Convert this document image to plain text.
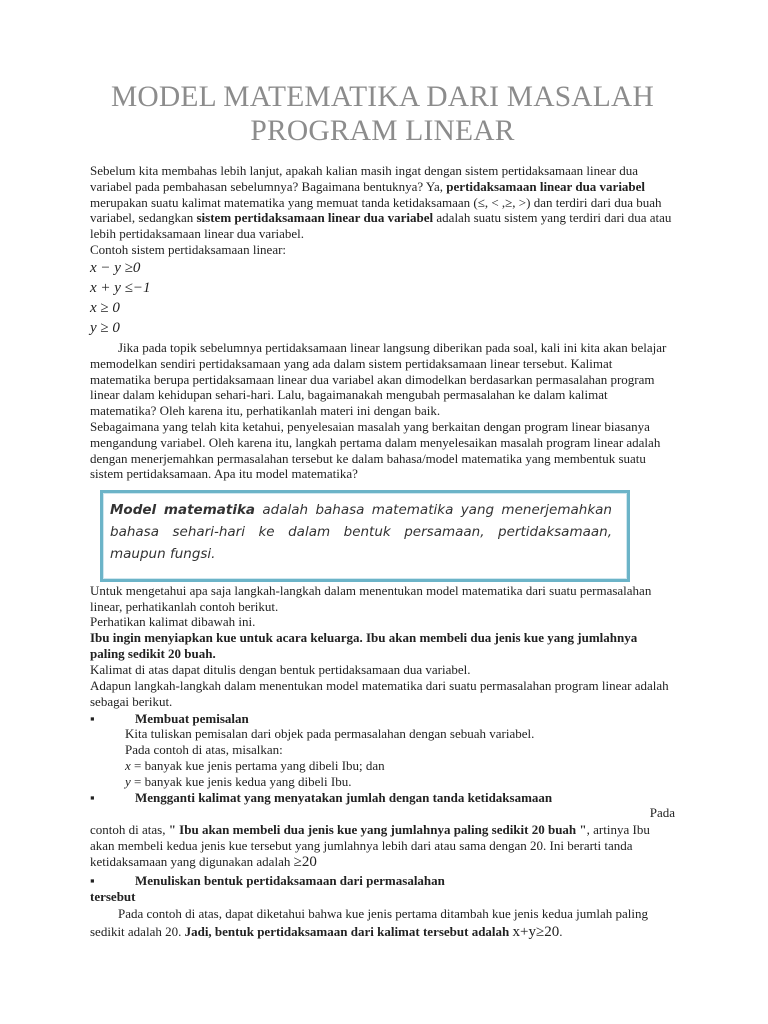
MODEL MATEMATIKA DARI MASALAH PROGRAM LINEAR

Sebelum kita membahas lebih lanjut, apakah kalian masih ingat dengan sistem pertidaksamaan linear dua variabel pada pembahasan sebelumnya? Bagaimana bentuknya? Ya, pertidaksamaan linear dua variabel merupakan suatu kalimat matematika yang memuat tanda ketidaksamaan (≤, < ,≥, >) dan terdiri dari dua buah variabel, sedangkan sistem pertidaksamaan linear dua variabel adalah suatu sistem yang terdiri dari dua atau lebih pertidaksamaan linear dua variabel.

Contoh sistem pertidaksamaan linear:

x − y ≥0
x + y ≤−1
x ≥ 0
y ≥ 0

Jika pada topik sebelumnya pertidaksamaan linear langsung diberikan pada soal, kali ini kita akan belajar memodelkan sendiri pertidaksamaan yang ada dalam sistem pertidaksamaan linear tersebut. Kalimat matematika berupa pertidaksamaan linear dua variabel akan dimodelkan berdasarkan permasalahan program linear dalam kehidupan sehari-hari. Lalu, bagaimanakah mengubah permasalahan ke dalam kalimat matematika? Oleh karena itu, perhatikanlah materi ini dengan baik.

Sebagaimana yang telah kita ketahui, penyelesaian masalah yang berkaitan dengan program linear biasanya mengandung variabel. Oleh karena itu, langkah pertama dalam menyelesaikan masalah program linear adalah dengan menerjemahkan permasalahan tersebut ke dalam bahasa/model matematika yang membentuk suatu sistem pertidaksamaan. Apa itu model matematika?

Model matematika adalah bahasa matematika yang menerjemahkan bahasa sehari-hari ke dalam bentuk persamaan, pertidaksamaan, maupun fungsi.

Untuk mengetahui apa saja langkah-langkah dalam menentukan model matematika dari suatu permasalahan linear, perhatikanlah contoh berikut.

Perhatikan kalimat dibawah ini.

Ibu ingin menyiapkan kue untuk acara keluarga. Ibu akan membeli dua jenis kue yang jumlahnya paling sedikit 20 buah.

Kalimat di atas dapat ditulis dengan bentuk pertidaksamaan dua variabel.

Adapun langkah-langkah dalam menentukan model matematika dari suatu permasalahan program linear adalah sebagai berikut.

▪	Membuat pemisalan

Kita tuliskan pemisalan dari objek pada permasalahan dengan sebuah variabel.

Pada contoh di atas, misalkan:

x = banyak kue jenis pertama yang dibeli Ibu; dan

y = banyak kue jenis kedua yang dibeli Ibu.

▪	Mengganti kalimat yang menyatakan jumlah dengan tanda ketidaksamaan

Pada

contoh di atas, " Ibu akan membeli dua jenis kue yang jumlahnya paling sedikit 20 buah ", artinya Ibu akan membeli kedua jenis kue tersebut yang jumlahnya lebih dari atau sama dengan 20. Ini berarti tanda ketidaksamaan yang digunakan adalah ≥20

▪	Menuliskan bentuk pertidaksamaan dari permasalahan

tersebut

Pada contoh di atas, dapat diketahui bahwa kue jenis pertama ditambah kue jenis kedua jumlah paling sedikit adalah 20. Jadi, bentuk pertidaksamaan dari kalimat tersebut adalah x+y≥20.
